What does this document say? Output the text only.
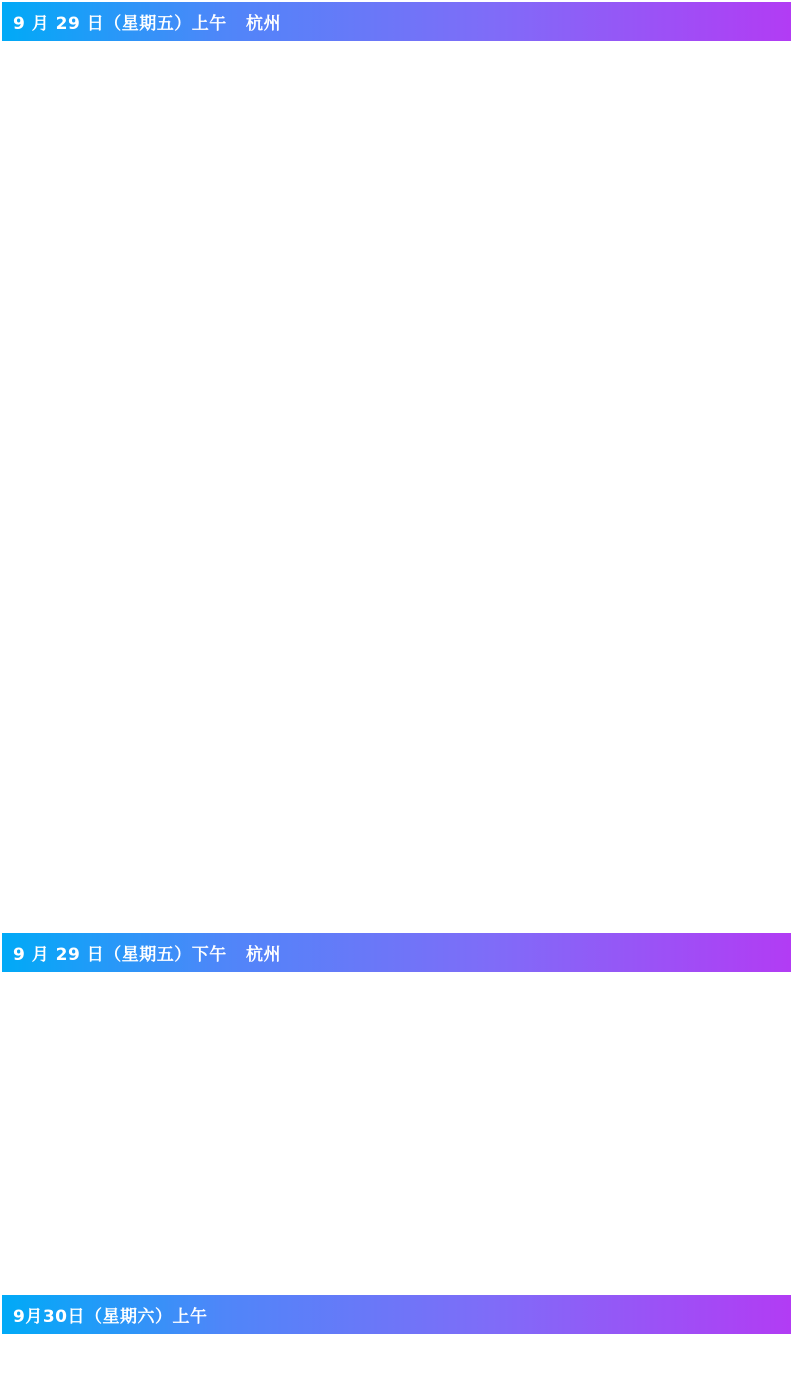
9 月 29 日（星期五）上午   杭州
9 月 29 日（星期五）下午   杭州
9月30日（星期六）上午
